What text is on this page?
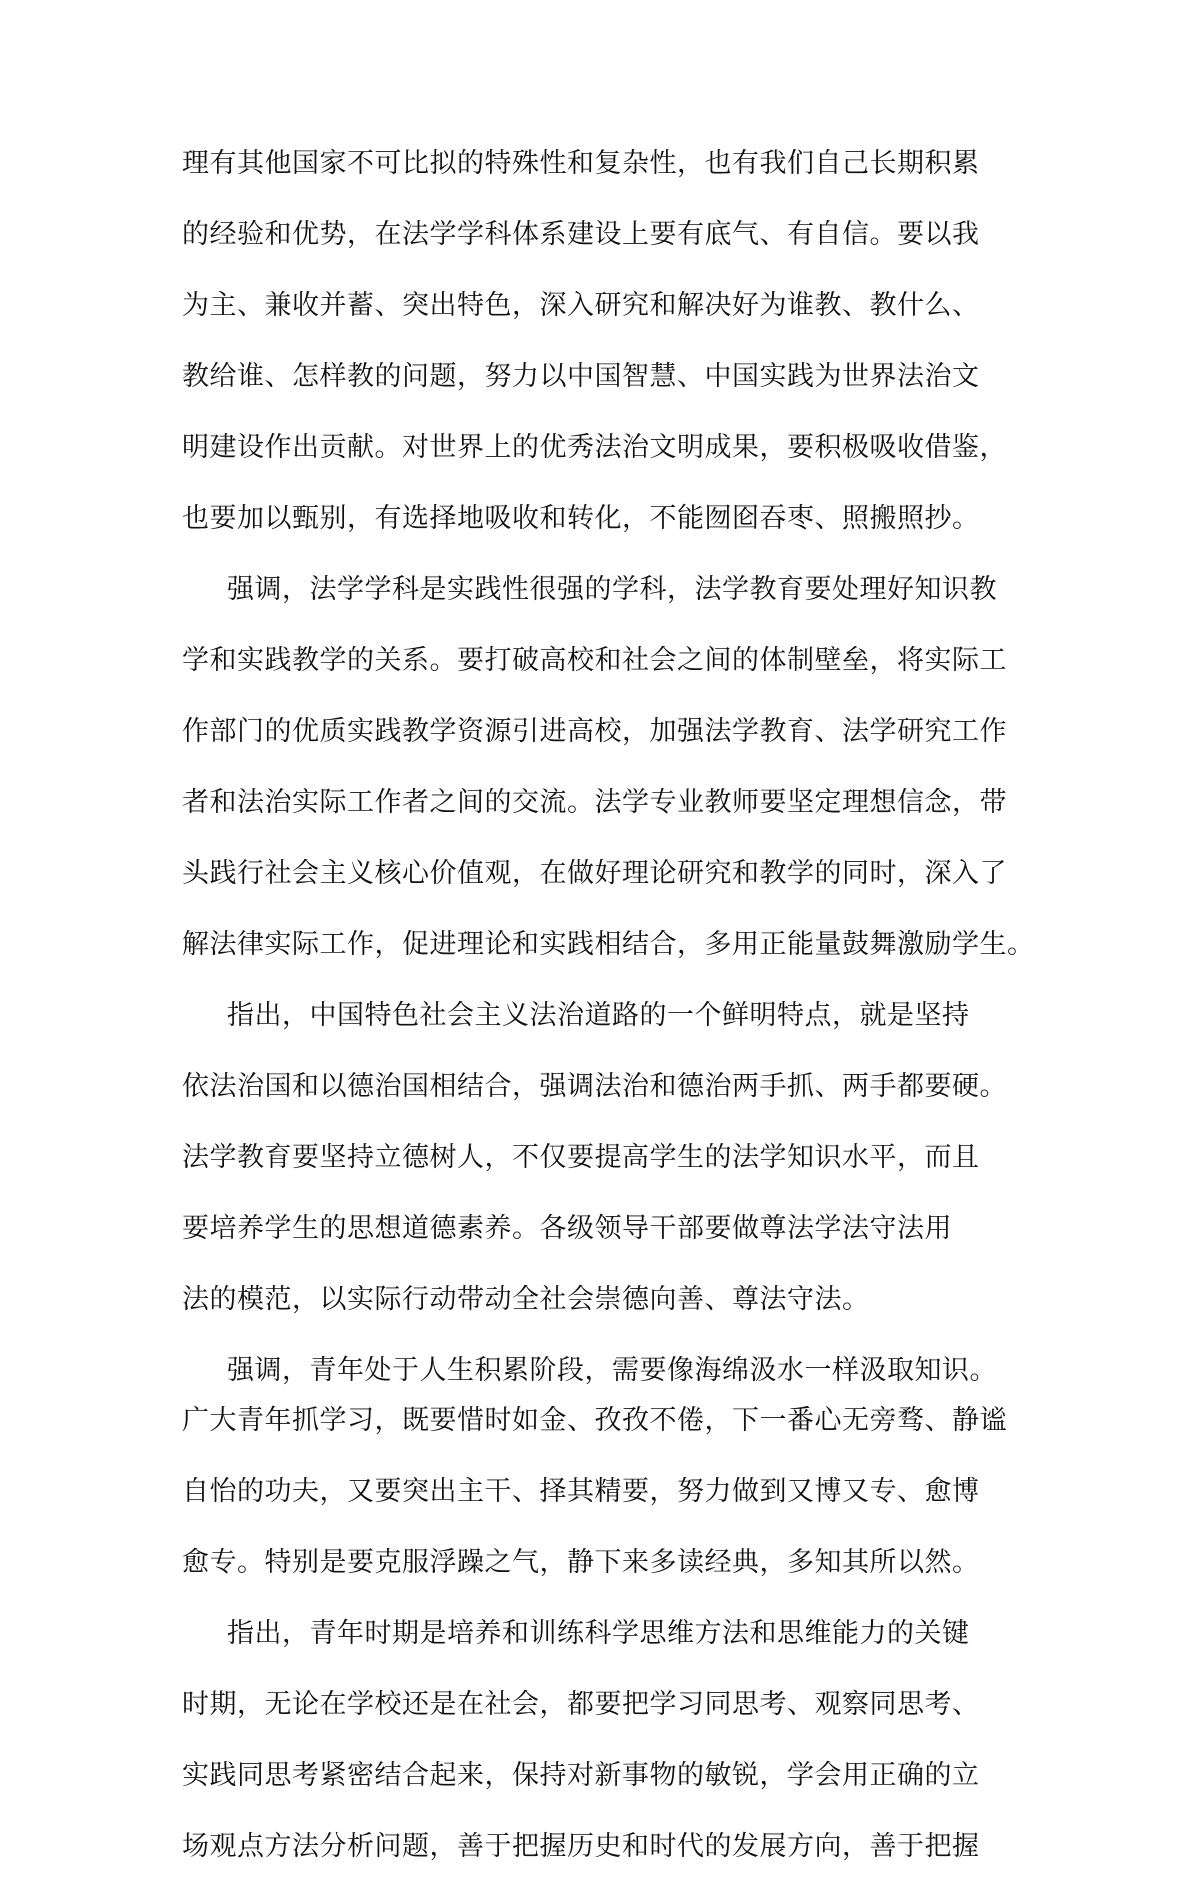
理有其他国家不可比拟的特殊性和复杂性，也有我们自己长期积累
的经验和优势，在法学学科体系建设上要有底气、有自信。要以我
为主、兼收并蓄、突出特色，深入研究和解决好为谁教、教什么、
教给谁、怎样教的问题，努力以中国智慧、中国实践为世界法治文
明建设作出贡献。对世界上的优秀法治文明成果，要积极吸收借鉴，
也要加以甄别，有选择地吸收和转化，不能囫囵吞枣、照搬照抄。
强调，法学学科是实践性很强的学科，法学教育要处理好知识教
学和实践教学的关系。要打破高校和社会之间的体制壁垒，将实际工
作部门的优质实践教学资源引进高校，加强法学教育、法学研究工作
者和法治实际工作者之间的交流。法学专业教师要坚定理想信念，带
头践行社会主义核心价值观，在做好理论研究和教学的同时，深入了
解法律实际工作，促进理论和实践相结合，多用正能量鼓舞激励学生。
指出，中国特色社会主义法治道路的一个鲜明特点，就是坚持
依法治国和以德治国相结合，强调法治和德治两手抓、两手都要硬。
法学教育要坚持立德树人，不仅要提高学生的法学知识水平，而且
要培养学生的思想道德素养。各级领导干部要做尊法学法守法用
法的模范，以实际行动带动全社会崇德向善、尊法守法。
强调，青年处于人生积累阶段，需要像海绵汲水一样汲取知识。
广大青年抓学习，既要惜时如金、孜孜不倦，下一番心无旁骛、静谧
自怡的功夫，又要突出主干、择其精要，努力做到又博又专、愈博
愈专。特别是要克服浮躁之气，静下来多读经典，多知其所以然。
指出，青年时期是培养和训练科学思维方法和思维能力的关键
时期，无论在学校还是在社会，都要把学习同思考、观察同思考、
实践同思考紧密结合起来，保持对新事物的敏锐，学会用正确的立
场观点方法分析问题，善于把握历史和时代的发展方向，善于把握
